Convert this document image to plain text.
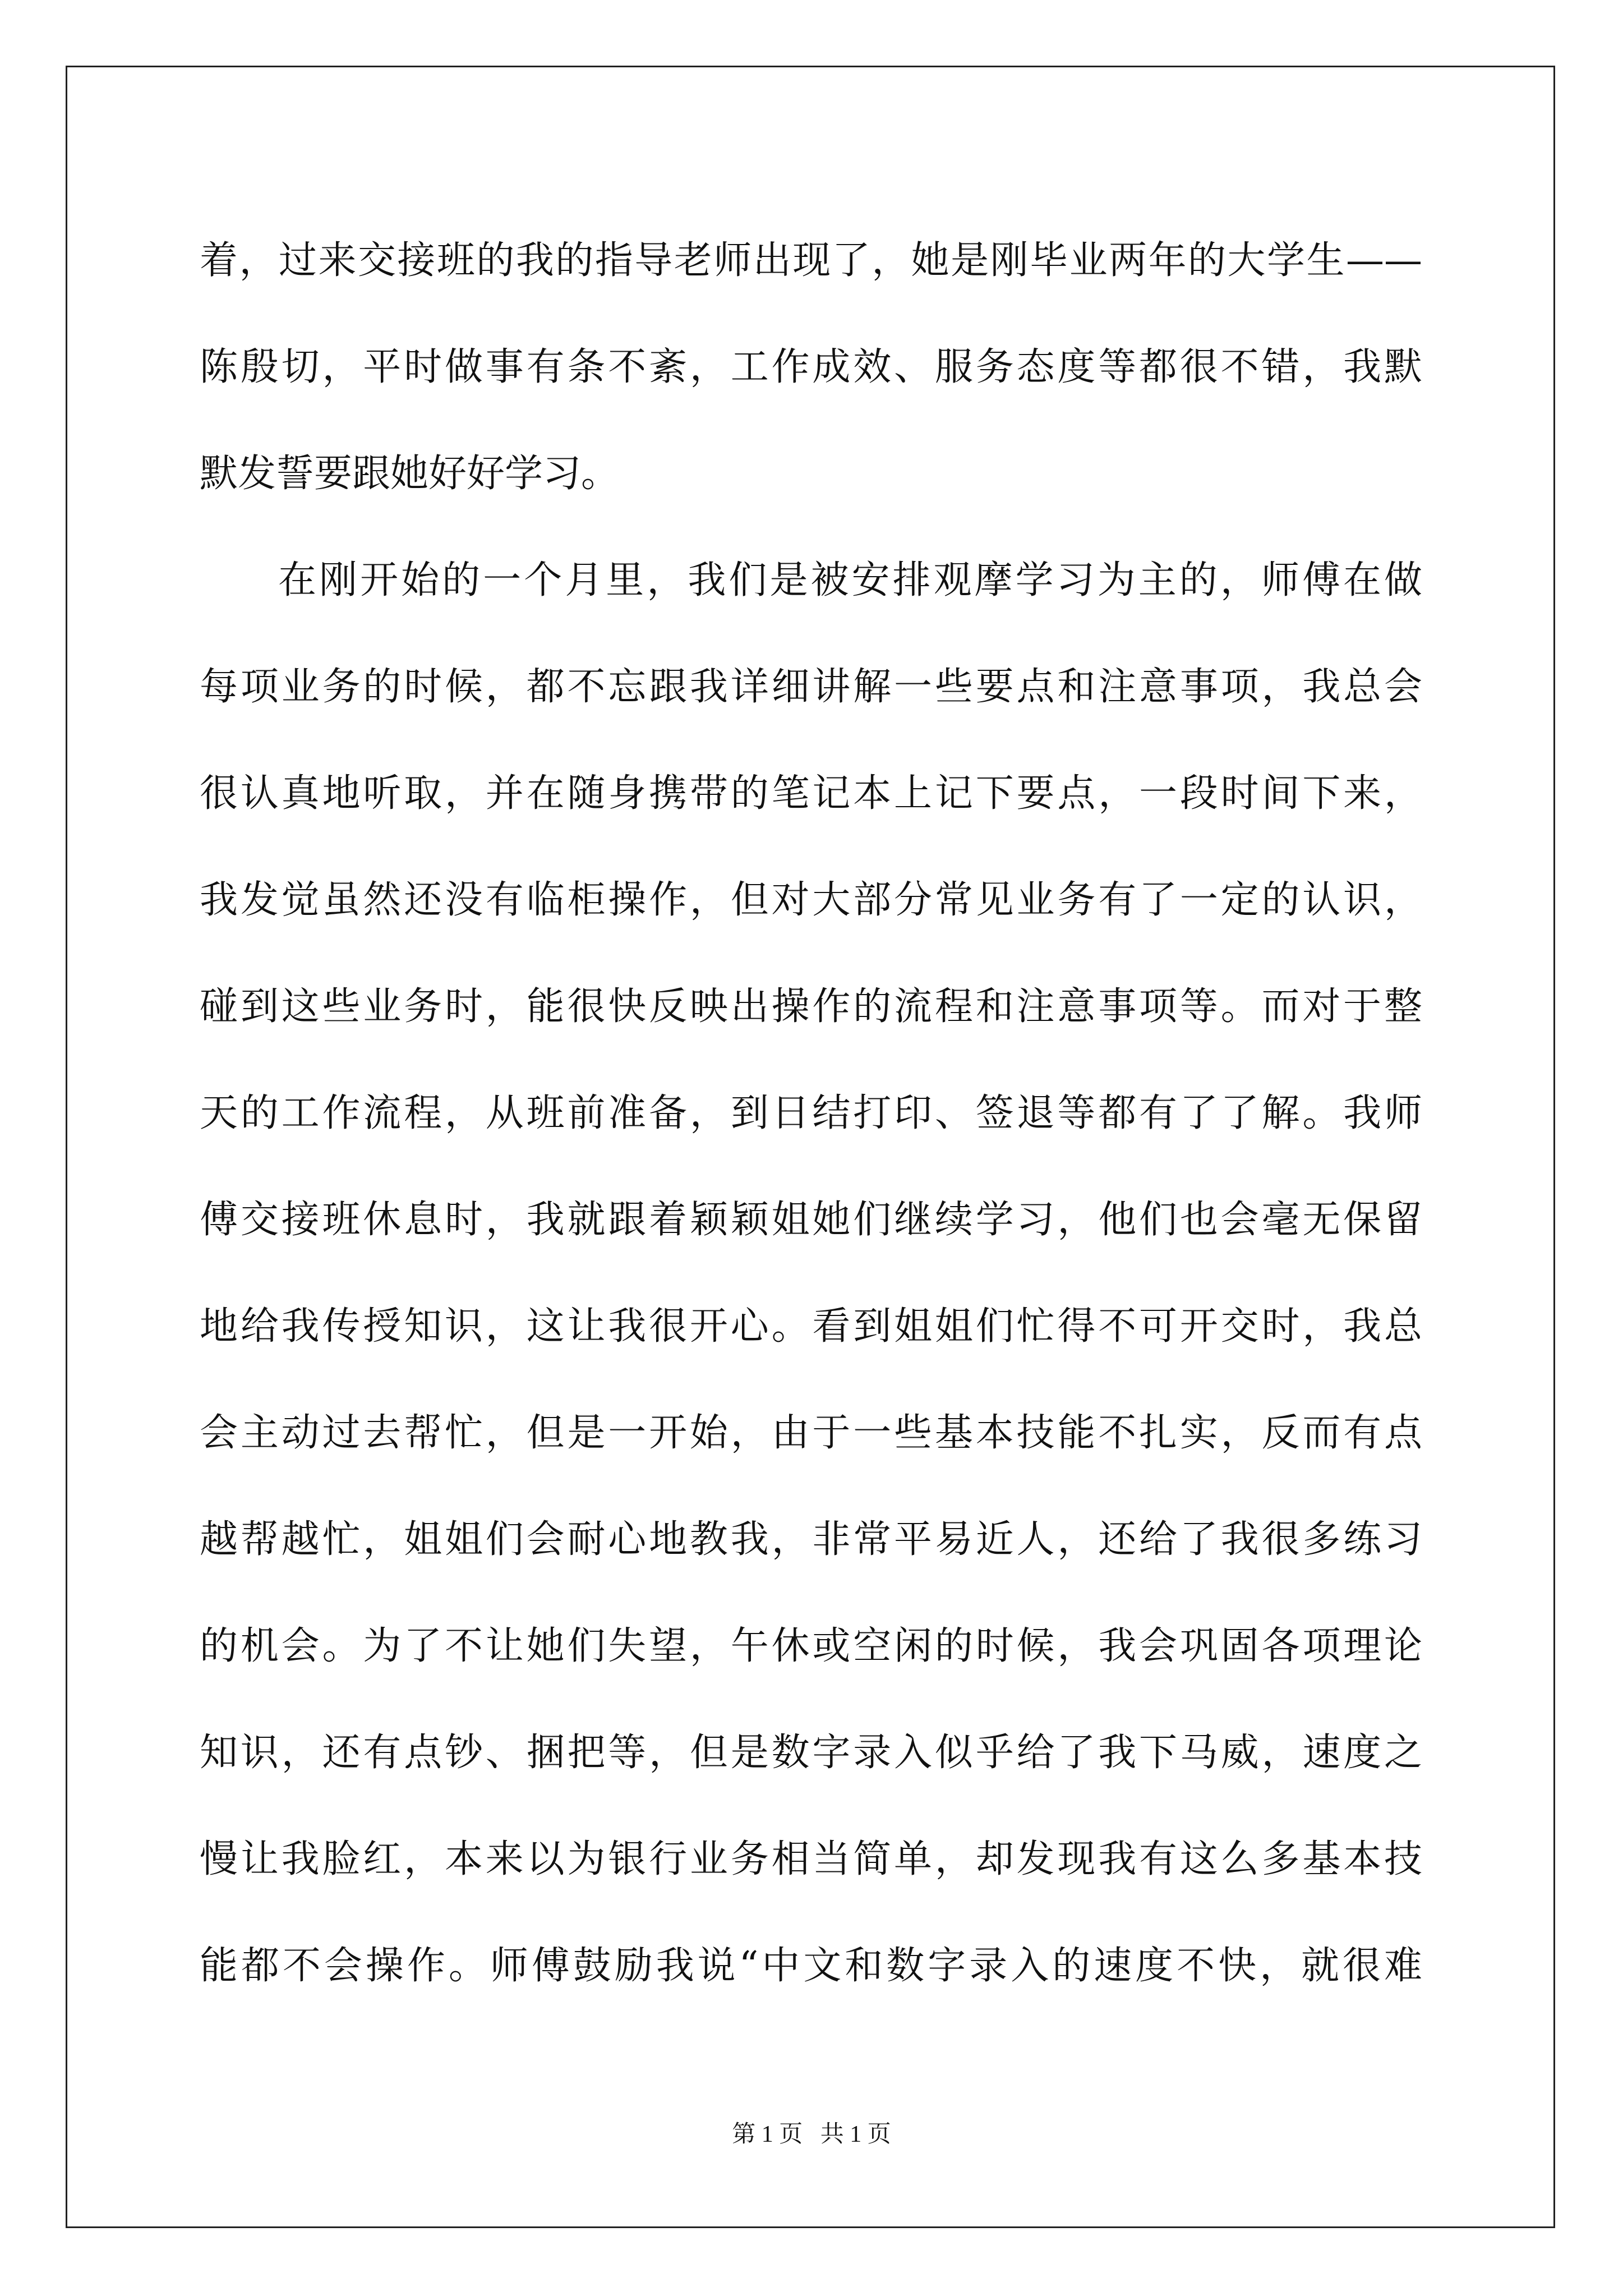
着，过来交接班的我的指导老师出现了，她是刚毕业两年的大学生——
陈殷切，平时做事有条不紊，工作成效、服务态度等都很不错，我默
默发誓要跟她好好学习。
在刚开始的一个月里，我们是被安排观摩学习为主的，师傅在做
每项业务的时候，都不忘跟我详细讲解一些要点和注意事项，我总会
很认真地听取，并在随身携带的笔记本上记下要点，一段时间下来，
我发觉虽然还没有临柜操作，但对大部分常见业务有了一定的认识，
碰到这些业务时，能很快反映出操作的流程和注意事项等。而对于整
天的工作流程，从班前准备，到日结打印、签退等都有了了解。我师
傅交接班休息时，我就跟着颖颖姐她们继续学习，他们也会毫无保留
地给我传授知识，这让我很开心。看到姐姐们忙得不可开交时，我总
会主动过去帮忙，但是一开始，由于一些基本技能不扎实，反而有点
越帮越忙，姐姐们会耐心地教我，非常平易近人，还给了我很多练习
的机会。为了不让她们失望，午休或空闲的时候，我会巩固各项理论
知识，还有点钞、捆把等，但是数字录入似乎给了我下马威，速度之
慢让我脸红，本来以为银行业务相当简单，却发现我有这么多基本技
能都不会操作。师傅鼓励我说“中文和数字录入的速度不快，就很难
第 1 页   共 1 页
